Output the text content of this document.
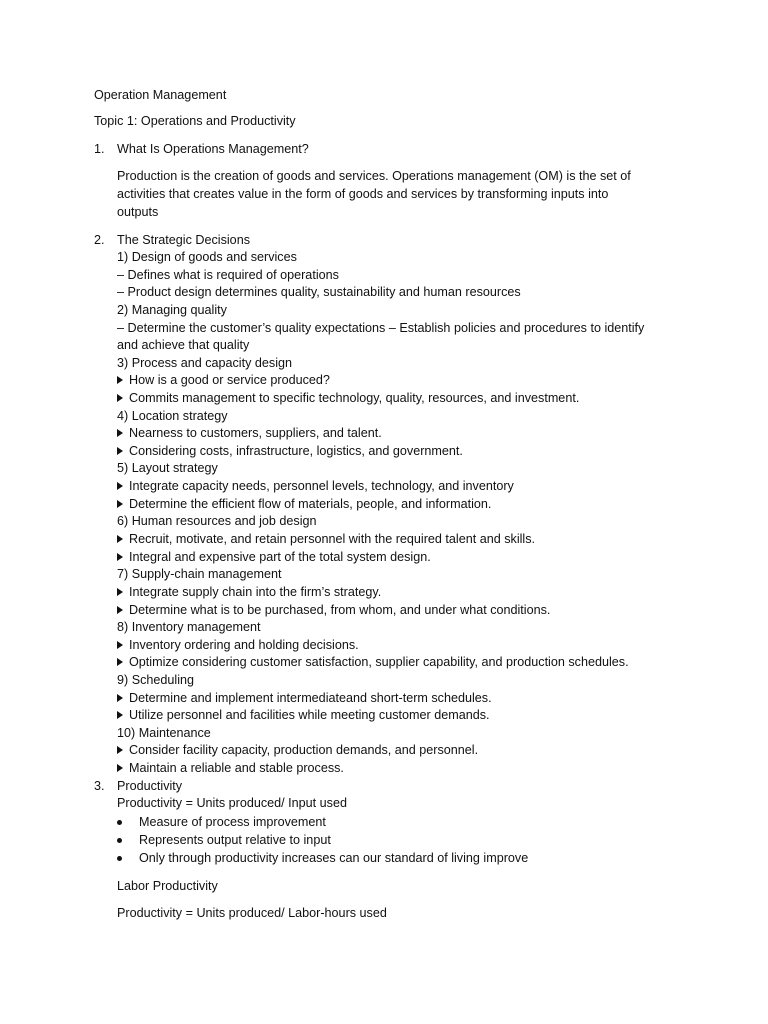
Operation Management
Topic 1: Operations and Productivity
1. What Is Operations Management?
Production is the creation of goods and services. Operations management (OM) is the set of
activities that creates value in the form of goods and services by transforming inputs into
outputs
2. The Strategic Decisions
1) Design of goods and services
– Defines what is required of operations
– Product design determines quality, sustainability and human resources
2) Managing quality
– Determine the customer’s quality expectations – Establish policies and procedures to identify
and achieve that quality
3) Process and capacity design
How is a good or service produced?
Commits management to specific technology, quality, resources, and investment.
4) Location strategy
Nearness to customers, suppliers, and talent.
Considering costs, infrastructure, logistics, and government.
5) Layout strategy
Integrate capacity needs, personnel levels, technology, and inventory
Determine the efficient flow of materials, people, and information.
6) Human resources and job design
Recruit, motivate, and retain personnel with the required talent and skills.
Integral and expensive part of the total system design.
7) Supply-chain management
Integrate supply chain into the firm’s strategy.
Determine what is to be purchased, from whom, and under what conditions.
8) Inventory management
Inventory ordering and holding decisions.
Optimize considering customer satisfaction, supplier capability, and production schedules.
9) Scheduling
Determine and implement intermediateand short-term schedules.
Utilize personnel and facilities while meeting customer demands.
10) Maintenance
Consider facility capacity, production demands, and personnel.
Maintain a reliable and stable process.
3. Productivity
Productivity = Units produced/ Input used
Measure of process improvement
Represents output relative to input
Only through productivity increases can our standard of living improve
Labor Productivity
Productivity = Units produced/ Labor-hours used
